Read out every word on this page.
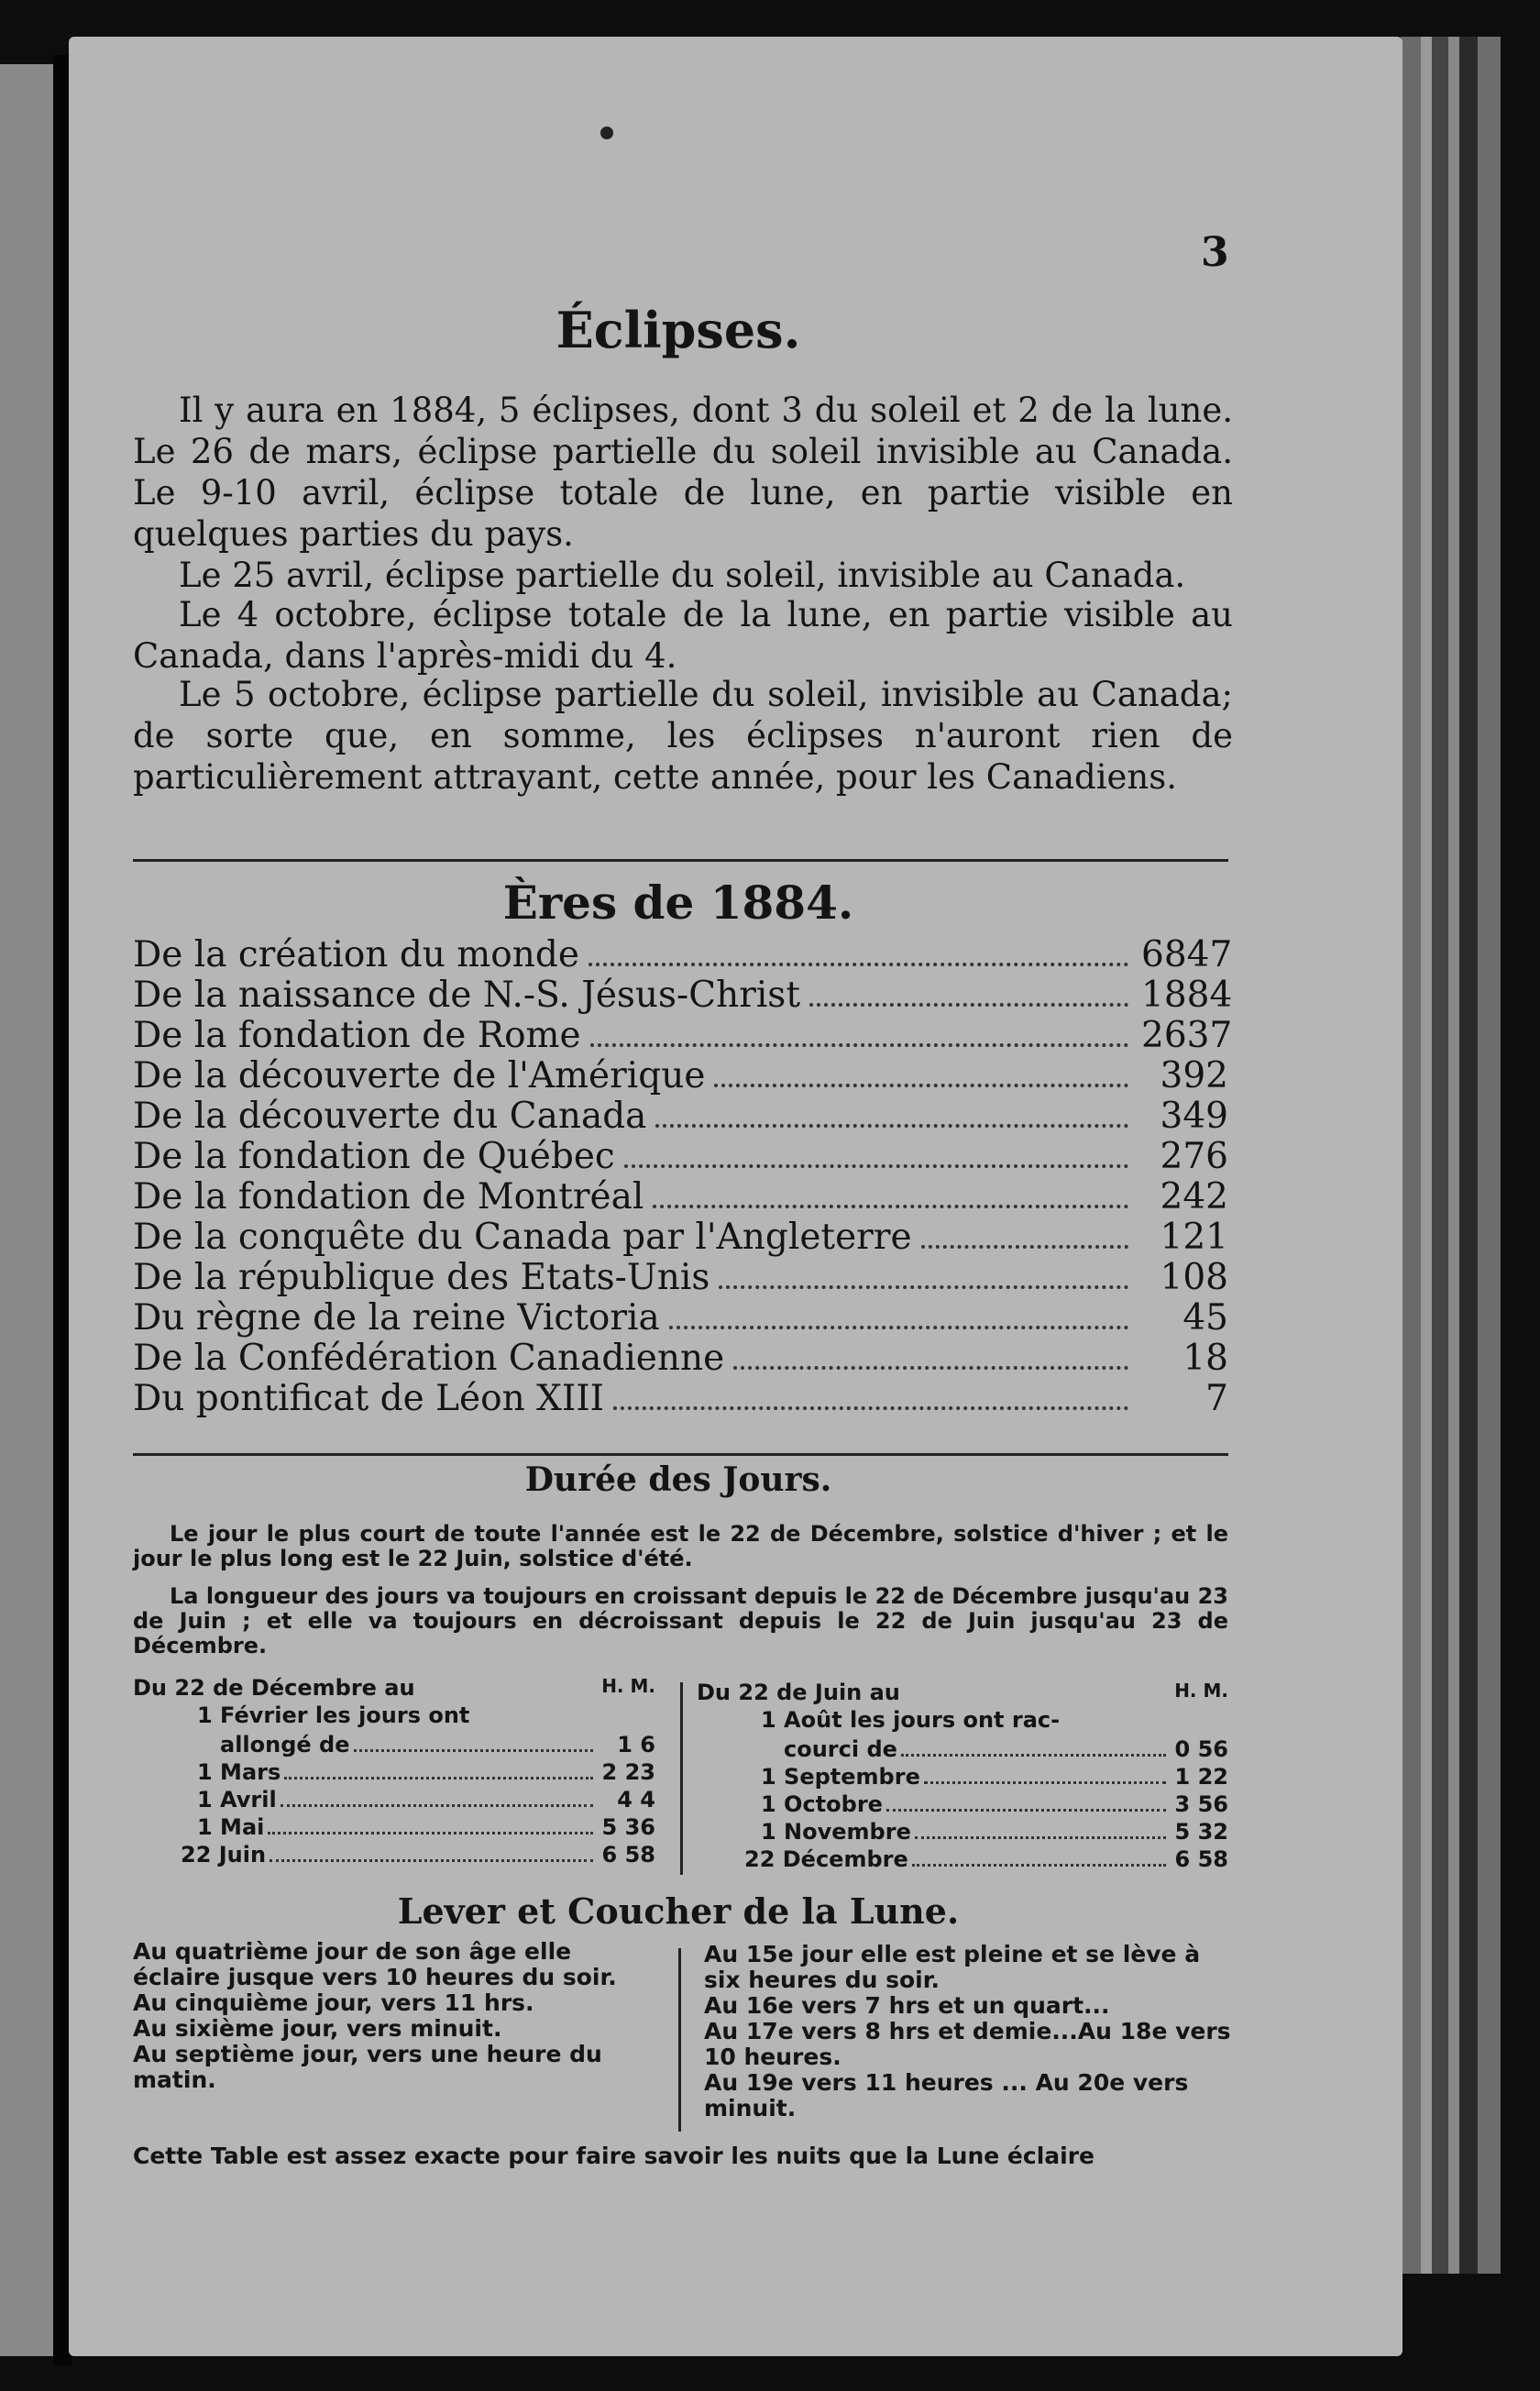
3
Éclipses.
Il y aura en 1884, 5 éclipses, dont 3 du soleil et 2 de la lune. Le 26 de mars, éclipse partielle du soleil invisible au Canada. Le 9-10 avril, éclipse totale de lune, en partie visible en quelques parties du pays.
Le 25 avril, éclipse partielle du soleil, invisible au Canada.
Le 4 octobre, éclipse totale de la lune, en partie visible au Canada, dans l'après-midi du 4.
Le 5 octobre, éclipse partielle du soleil, invisible au Canada; de sorte que, en somme, les éclipses n'auront rien de particulièrement attrayant, cette année, pour les Canadiens.
Ères de 1884.
De la création du monde	6847
De la naissance de N.-S. Jésus-Christ	1884
De la fondation de Rome	2637
De la découverte de l'Amérique	392
De la découverte du Canada	349
De la fondation de Québec	276
De la fondation de Montréal	242
De la conquête du Canada par l'Angleterre	121
De la république des Etats-Unis	108
Du règne de la reine Victoria	45
De la Confédération Canadienne	18
Du pontificat de Léon XIII	7
Durée des Jours.
Le jour le plus court de toute l'année est le 22 de Décembre, solstice d'hiver ; et le jour le plus long est le 22 Juin, solstice d'été.
La longueur des jours va toujours en croissant depuis le 22 de Décembre jusqu'au 23 de Juin ; et elle va toujours en décroissant depuis le 22 de Juin jusqu'au 23 de Décembre.
Du 22 de Décembre au	H. M.
1 Février les jours ont
allongé de	1 6
1 Mars	2 23
1 Avril	4 4
1 Mai	5 36
22 Juin	6 58
Du 22 de Juin au	H. M.
1 Août les jours ont rac-
courci de	0 56
1 Septembre	1 22
1 Octobre	3 56
1 Novembre	5 32
22 Décembre	6 58
Lever et Coucher de la Lune.

Au quatrième jour de son âge elle éclaire jusque vers 10 heures du soir.

Au cinquième jour, vers 11 hrs.

Au sixième jour, vers minuit.

Au septième jour, vers une heure du matin.

Au 15e jour elle est pleine et se lève à six heures du soir.

Au 16e vers 7 hrs et un quart...

Au 17e vers 8 hrs et demie...Au 18e vers 10 heures.

Au 19e vers 11 heures ... Au 20e vers minuit.

Cette Table est assez exacte pour faire savoir les nuits que la Lune éclaire
